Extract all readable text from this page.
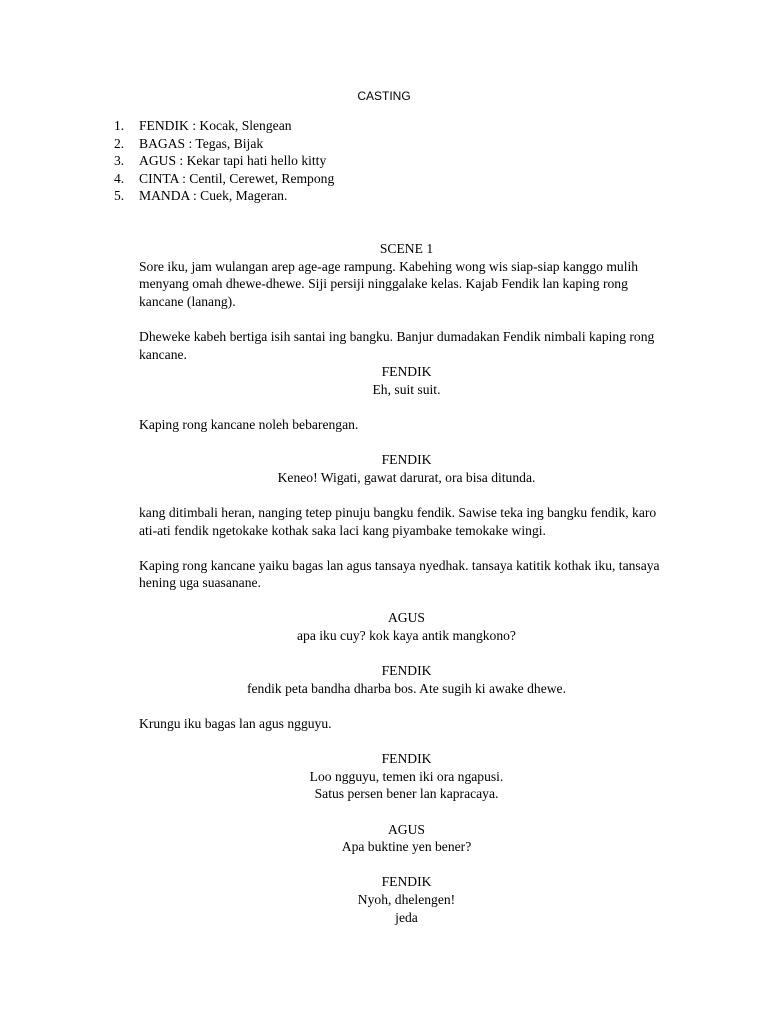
CASTING
1.	FENDIK : Kocak, Slengean
2.	BAGAS : Tegas, Bijak
3.	AGUS : Kekar tapi hati hello kitty
4.	CINTA : Centil, Cerewet, Rempong
5.	MANDA : Cuek, Mageran.

SCENE 1

Sore iku, jam wulangan arep age-age rampung. Kabehing wong wis siap-siap kanggo mulih menyang omah dhewe-dhewe. Siji persiji ninggalake kelas. Kajab Fendik lan kaping rong kancane (lanang).

Dheweke kabeh bertiga isih santai ing bangku. Banjur dumadakan Fendik nimbali kaping rong kancane.

FENDIK

Eh, suit suit.

Kaping rong kancane noleh bebarengan.

FENDIK

Keneo! Wigati, gawat darurat, ora bisa ditunda.

kang ditimbali heran, nanging tetep pinuju bangku fendik. Sawise teka ing bangku fendik, karo ati-ati fendik ngetokake kothak saka laci kang piyambake temokake wingi.

Kaping rong kancane yaiku bagas lan agus tansaya nyedhak. tansaya katitik kothak iku, tansaya hening uga suasanane.

AGUS

apa iku cuy? kok kaya antik mangkono?

FENDIK

fendik peta bandha dharba bos. Ate sugih ki awake dhewe.

Krungu iku bagas lan agus ngguyu.

FENDIK

Loo ngguyu, temen iki ora ngapusi.

Satus persen bener lan kapracaya.

AGUS

Apa buktine yen bener?

FENDIK

Nyoh, dhelengen!

jeda
